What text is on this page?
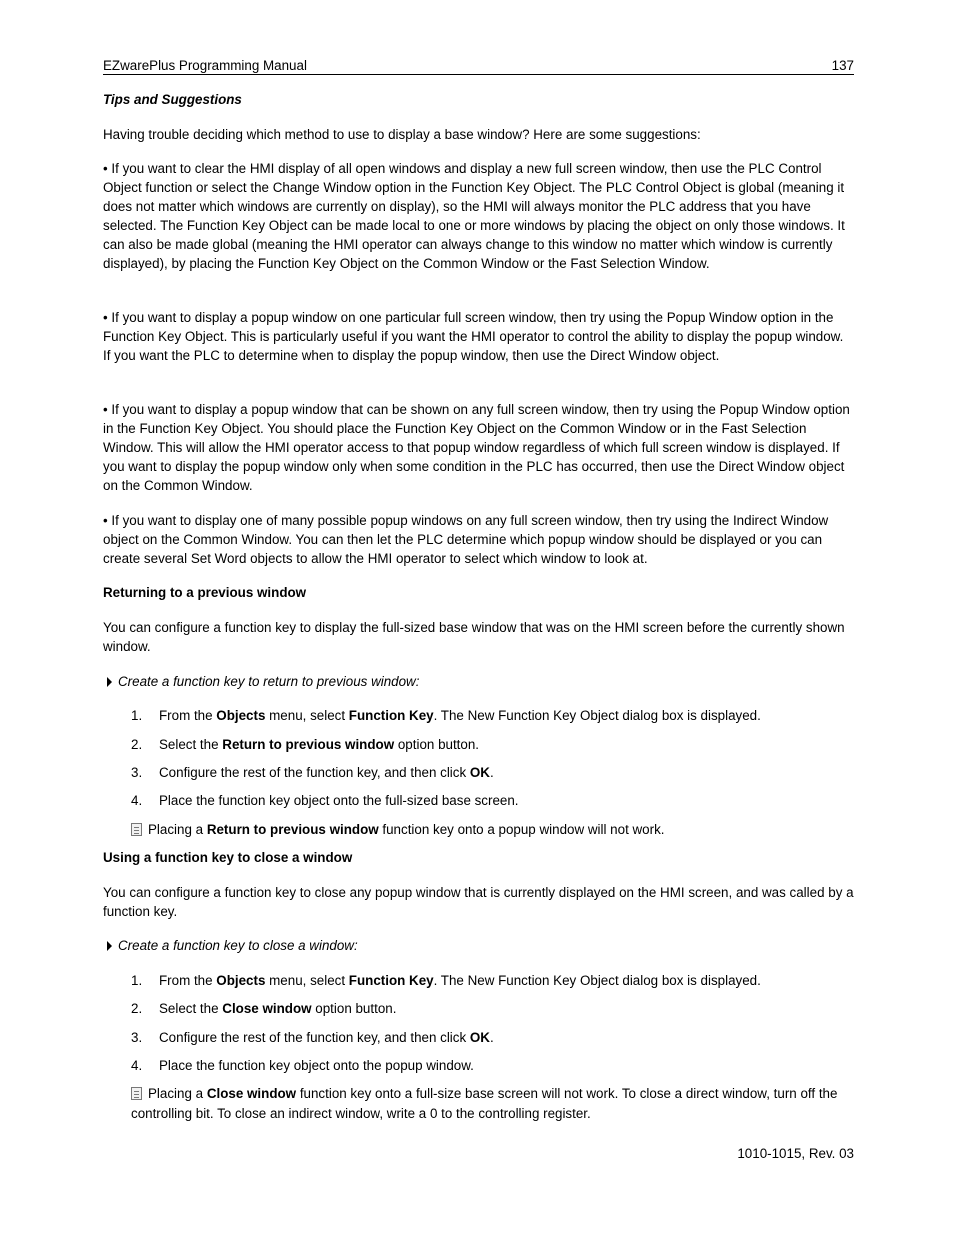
EZwarePlus Programming Manual	137

Tips and Suggestions

Having trouble deciding which method to use to display a base window? Here are some suggestions:

• If you want to clear the HMI display of all open windows and display a new full screen window, then use the PLC Control Object function or select the Change Window option in the Function Key Object. The PLC Control Object is global (meaning it does not matter which windows are currently on display), so the HMI will always monitor the PLC address that you have selected. The Function Key Object can be made local to one or more windows by placing the object on only those windows. It can also be made global (meaning the HMI operator can always change to this window no matter which window is currently displayed), by placing the Function Key Object on the Common Window or the Fast Selection Window.

• If you want to display a popup window on one particular full screen window, then try using the Popup Window option in the Function Key Object. This is particularly useful if you want the HMI operator to control the ability to display the popup window. If you want the PLC to determine when to display the popup window, then use the Direct Window object.

• If you want to display a popup window that can be shown on any full screen window, then try using the Popup Window option in the Function Key Object. You should place the Function Key Object on the Common Window or in the Fast Selection Window. This will allow the HMI operator access to that popup window regardless of which full screen window is displayed. If you want to display the popup window only when some condition in the PLC has occurred, then use the Direct Window object on the Common Window.

• If you want to display one of many possible popup windows on any full screen window, then try using the Indirect Window object on the Common Window. You can then let the PLC determine which popup window should be displayed or you can create several Set Word objects to allow the HMI operator to select which window to look at.

Returning to a previous window

You can configure a function key to display the full-sized base window that was on the HMI screen before the currently shown window.

Create a function key to return to previous window:

1. From the Objects menu, select Function Key. The New Function Key Object dialog box is displayed.
2. Select the Return to previous window option button.
3. Configure the rest of the function key, and then click OK.
4. Place the function key object onto the full-sized base screen.

Placing a Return to previous window function key onto a popup window will not work.

Using a function key to close a window

You can configure a function key to close any popup window that is currently displayed on the HMI screen, and was called by a function key.

Create a function key to close a window:

1. From the Objects menu, select Function Key. The New Function Key Object dialog box is displayed.
2. Select the Close window option button.
3. Configure the rest of the function key, and then click OK.
4. Place the function key object onto the popup window.

Placing a Close window function key onto a full-size base screen will not work. To close a direct window, turn off the controlling bit. To close an indirect window, write a 0 to the controlling register.

1010-1015, Rev. 03
